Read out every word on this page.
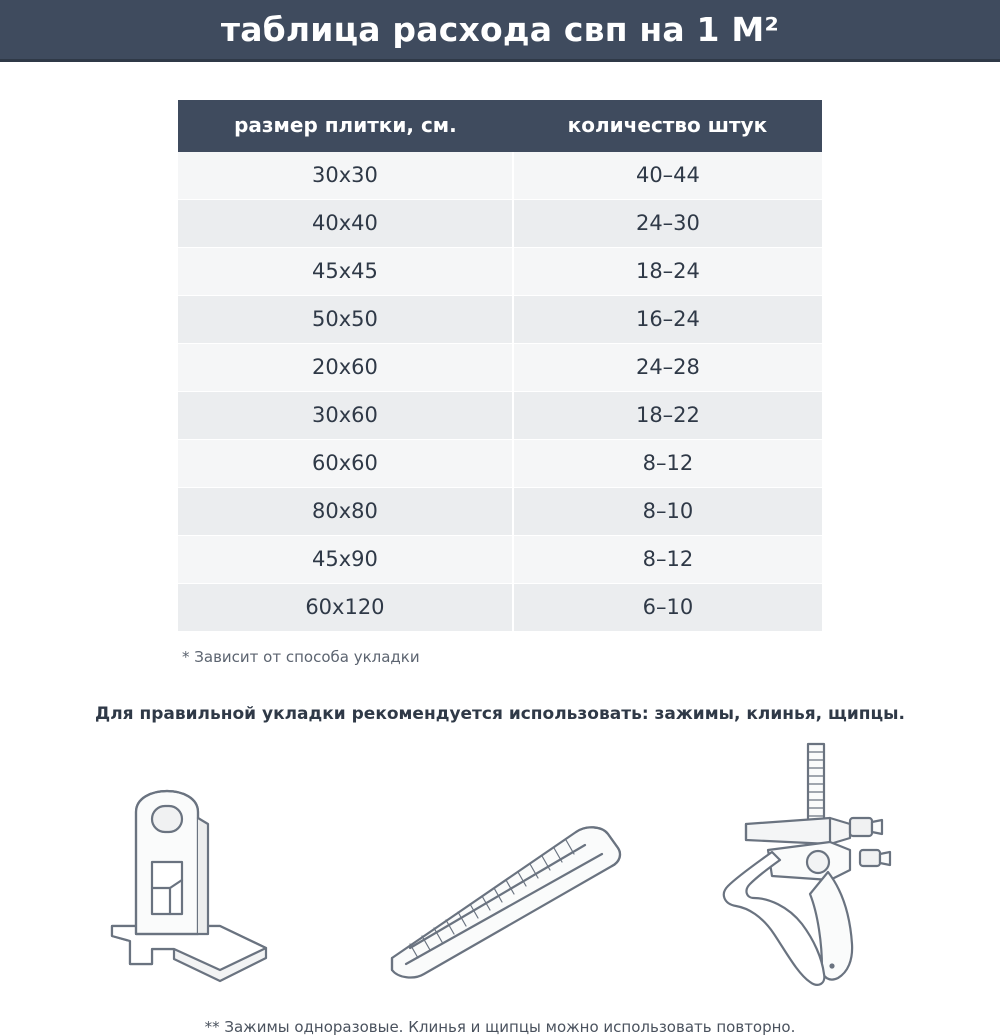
таблица расхода свп на 1 М²
размер плитки, см.	количество штук
30x30	40–44
40x40	24–30
45x45	18–24
50x50	16–24
20x60	24–28
30x60	18–22
60x60	8–12
80x80	8–10
45x90	8–12
60x120	6–10
* Зависит от способа укладки
Для правильной укладки рекомендуется использовать: зажимы, клинья, щипцы.
** Зажимы одноразовые. Клинья и щипцы можно использовать повторно.
